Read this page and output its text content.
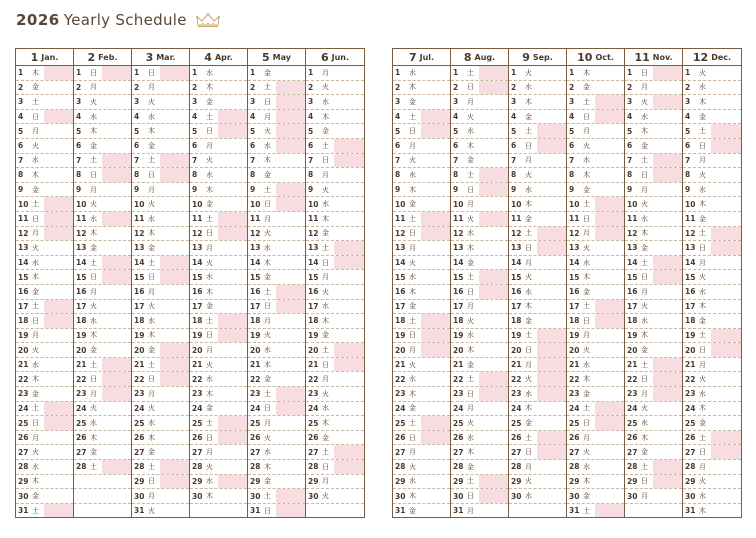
2026 Yearly Schedule
1 Jan.
1	木
2	金
3	土
4	日
5	月
6	火
7	水
8	木
9	金
10 土
11 日
12 月
13 火
14 水
15 木
16 金
17 土
18 日
19 月
20 火
21 水
22 木
23 金
24 土
25 日
26 月
27 火
28 水
29 木
30 金
31 土
2 Feb.
1	日
2	月
3	火
4	水
5	木
6	金
7	土
8	日
9	月
10 火
11 水
12 木
13 金
14 土
15 日
16 月
17 火
18 水
19 木
20 金
21 土
22 日
23 月
24 火
25 水
26 木
27 金
28 土
3 Mar.
1	日
2	月
3	火
4	水
5	木
6	金
7	土
8	日
9	月
10 火
11 水
12 木
13 金
14 土
15 日
16 月
17 火
18 水
19 木
20 金
21 土
22 日
23 月
24 火
25 水
26 木
27 金
28 土
29 日
30 月
31 火
4 Apr.
1	水
2	木
3	金
4	土
5	日
6	月
7	火
8	水
9	木
10 金
11 土
12 日
13 月
14 火
15 水
16 木
17 金
18 土
19 日
20 月
21 火
22 水
23 木
24 金
25 土
26 日
27 月
28 火
29 水
30 木
5 May
1	金
2	土
3	日
4	月
5	火
6	水
7	木
8	金
9	土
10 日
11 月
12 火
13 水
14 木
15 金
16 土
17 日
18 月
19 火
20 水
21 木
22 金
23 土
24 日
25 月
26 火
27 水
28 木
29 金
30 土
31 日
6 Jun.
1	月
2	火
3	水
4	木
5	金
6	土
7	日
8	月
9	火
10 水
11 木
12 金
13 土
14 日
15 月
16 火
17 水
18 木
19 金
20 土
21 日
22 月
23 火
24 水
25 木
26 金
27 土
28 日
29 月
30 火
7 Jul.
1	水
2	木
3	金
4	土
5	日
6	月
7	火
8	水
9	木
10 金
11 土
12 日
13 月
14 火
15 水
16 木
17 金
18 土
19 日
20 月
21 火
22 水
23 木
24 金
25 土
26 日
27 月
28 火
29 水
30 木
31 金
8 Aug.
1	土
2	日
3	月
4	火
5	水
6	木
7	金
8	土
9	日
10 月
11 火
12 水
13 木
14 金
15 土
16 日
17 月
18 火
19 水
20 木
21 金
22 土
23 日
24 月
25 火
26 水
27 木
28 金
29 土
30 日
31 月
9 Sep.
1	火
2	水
3	木
4	金
5	土
6	日
7	月
8	火
9	水
10 木
11 金
12 土
13 日
14 月
15 火
16 水
17 木
18 金
19 土
20 日
21 月
22 火
23 水
24 木
25 金
26 土
27 日
28 月
29 火
30 水
10 Oct.
1	木
2	金
3	土
4	日
5	月
6	火
7	水
8	木
9	金
10 土
11 日
12 月
13 火
14 水
15 木
16 金
17 土
18 日
19 月
20 火
21 水
22 木
23 金
24 土
25 日
26 月
27 火
28 水
29 木
30 金
31 土
11 Nov.
1	日
2	月
3	火
4	水
5	木
6	金
7	土
8	日
9	月
10 火
11 水
12 木
13 金
14 土
15 日
16 月
17 火
18 水
19 木
20 金
21 土
22 日
23 月
24 火
25 水
26 木
27 金
28 土
29 日
30 月
12 Dec.
1	火
2	水
3	木
4	金
5	土
6	日
7	月
8	火
9	水
10 木
11 金
12 土
13 日
14 月
15 火
16 水
17 木
18 金
19 土
20 日
21 月
22 火
23 水
24 木
25 金
26 土
27 日
28 月
29 火
30 水
31 木
